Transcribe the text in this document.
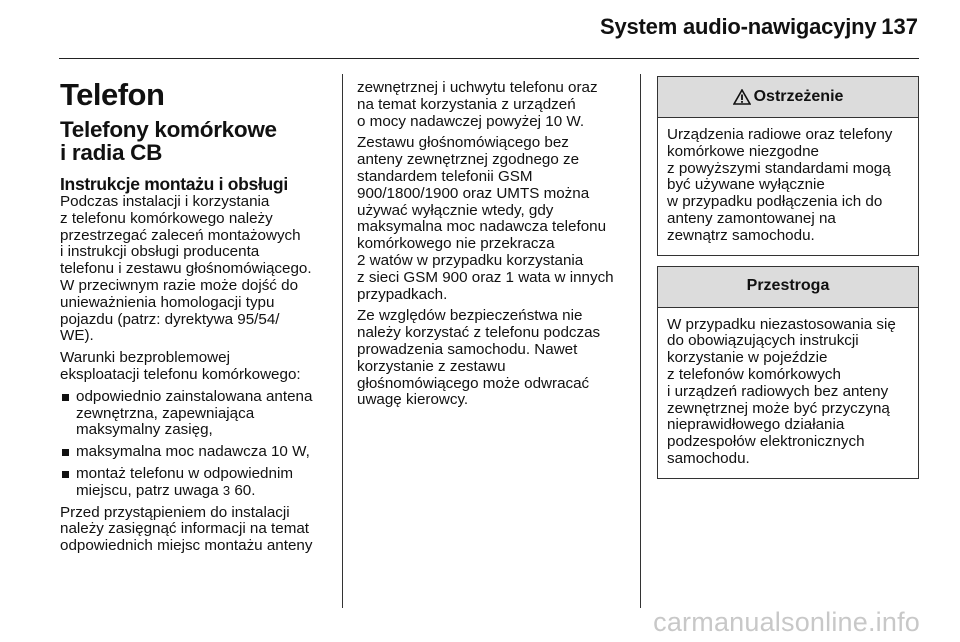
System audio-nawigacyjny 137
Telefon
Telefony komórkowe
i radia CB
Instrukcje montażu i obsługi

Podczas instalacji i korzystania
z telefonu komórkowego należy
przestrzegać zaleceń montażowych
i instrukcji obsługi producenta
telefonu i zestawu głośnomówiącego.
W przeciwnym razie może dojść do
unieważnienia homologacji typu
pojazdu (patrz: dyrektywa 95/54/
WE).

Warunki bezproblemowej
eksploatacji telefonu komórkowego:

odpowiednio zainstalowana antena
zewnętrzna, zapewniająca
maksymalny zasięg,
maksymalna moc nadawcza 10 W,
montaż telefonu w odpowiednim
miejscu, patrz uwaga 3 60.

Przed przystąpieniem do instalacji
należy zasięgnąć informacji na temat
odpowiednich miejsc montażu anteny

zewnętrznej i uchwytu telefonu oraz
na temat korzystania z urządzeń
o mocy nadawczej powyżej 10 W.

Zestawu głośnomówiącego bez
anteny zewnętrznej zgodnego ze
standardem telefonii GSM
900/1800/1900 oraz UMTS można
używać wyłącznie wtedy, gdy
maksymalna moc nadawcza telefonu
komórkowego nie przekracza
2 watów w przypadku korzystania
z sieci GSM 900 oraz 1 wata w innych
przypadkach.

Ze względów bezpieczeństwa nie
należy korzystać z telefonu podczas
prowadzenia samochodu. Nawet
korzystanie z zestawu
głośnomówiącego może odwracać
uwagę kierowcy.

Ostrzeżenie
Urządzenia radiowe oraz telefony
komórkowe niezgodne
z powyższymi standardami mogą
być używane wyłącznie
w przypadku podłączenia ich do
anteny zamontowanej na
zewnątrz samochodu.
Przestroga
W przypadku niezastosowania się
do obowiązujących instrukcji
korzystanie w pojeździe
z telefonów komórkowych
i urządzeń radiowych bez anteny
zewnętrznej może być przyczyną
nieprawidłowego działania
podzespołów elektronicznych
samochodu.
carmanualsonline.info
